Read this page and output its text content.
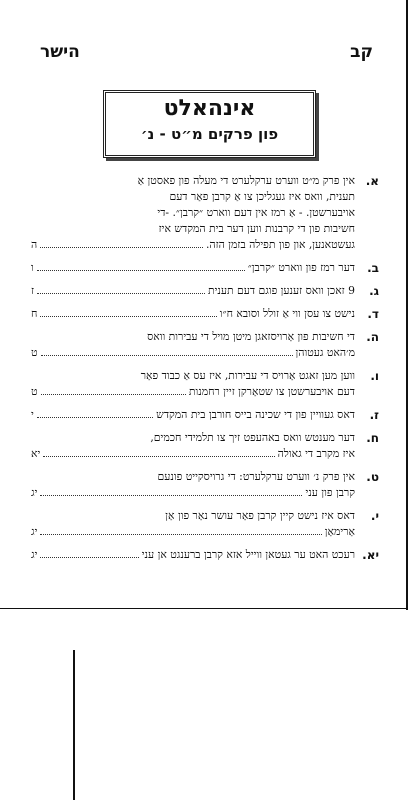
קב
הישר
אינהאלט
פון פרקים מ״ט - נ׳
א.
אין פרק מ״ט ווערט ערקלערט די מעלה פון פאסטן אַ
תענית, וואס איז געגליכן צו אַ קרבן פאַר דעם
אויבערשטן. - אַ רמז אין דעם ווארט ״קרבן״. -די
חשיבות פון די קרבנות ווען דער בית המקדש איז
געשטאנען, און פון תפילה בזמן הזה.
ה
ב.
דער רמז פון ווארט ״קרבן״
ו
ג.
9 זאכן וואס זענען פוגם דעם תענית
ז
ד.
נישט צו עסן ווי אַ זולל וסובא ח״ו
ח
ה.
די חשיבות פון אַרויסזאגן מיטן מויל די עבירות וואס
מ׳האט געטוהן
ט
ו.
ווען מען זאגט אַרויס די עבירות, איז עס אַ כבוד פאַר
דעם אויבערשטן צו שטאַרקן זיין רחמנות
ט
ז.
דאס געוויין פון די שכינה בייס חורבן בית המקדש
י
ח.
דער מענטש וואס באהעפט זיך צו תלמידי חכמים,
איז מקרב די גאולה
יא
ט.
אין פרק נ׳ ווערט ערקלערט: די גרויסקייט פונעם
קרבן פון עני
יג
י.
דאס איז נישט קיין קרבן פאַר עושר נאַר פון אַן
אַרימאַן
יג
יא.
רעכט האט ער געטאן ווייל אזא קרבן ברענגט אן עני
יג
